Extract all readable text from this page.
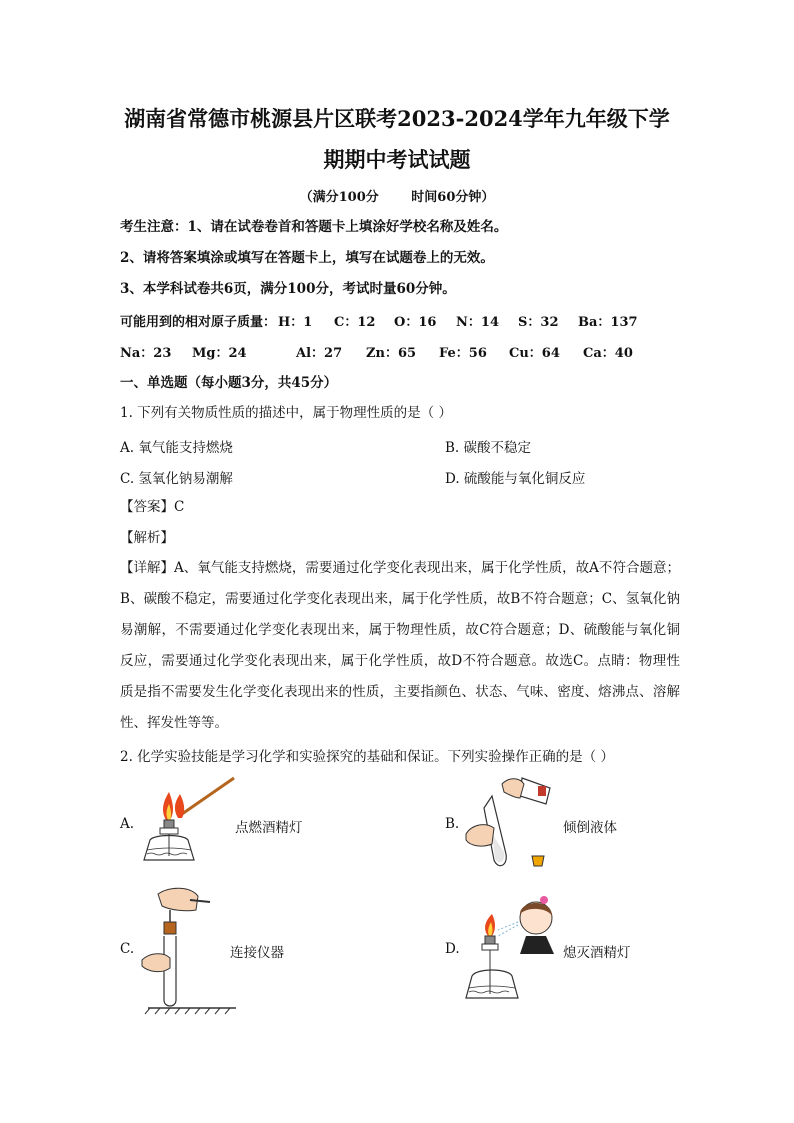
湖南省常德市桃源县片区联考2023-2024学年九年级下学
期期中考试试题
（满分100分	时间60分钟）
考生注意：1、请在试卷卷首和答题卡上填涂好学校名称及姓名。
2、请将答案填涂或填写在答题卡上，填写在试题卷上的无效。
3、本学科试卷共6页，满分100分，考试时量60分钟。
可能用到的相对原子质量： H：1	C：12	O：16	N：14	S：32	Ba：137
Na：23	Mg：24	Al：27	Zn：65	Fe：56	Cu：64	Ca：40
一、单选题（每小题3分，共45分）
1. 下列有关物质性质的描述中，属于物理性质的是（ ）
A. 氧气能支持燃烧	B. 碳酸不稳定
C. 氢氧化钠易潮解	D. 硫酸能与氧化铜反应
【答案】C
【解析】
【详解】A、氧气能支持燃烧，需要通过化学变化表现出来，属于化学性质，故A不符合题意；B、碳酸不稳定，需要通过化学变化表现出来，属于化学性质，故B不符合题意；C、氢氧化钠易潮解，不需要通过化学变化表现出来，属于物理性质，故C符合题意；D、硫酸能与氧化铜反应，需要通过化学变化表现出来，属于化学性质，故D不符合题意。故选C。点睛：物理性质是指不需要发生化学变化表现出来的性质，主要指颜色、状态、气味、密度、熔沸点、溶解性、挥发性等等。
2. 化学实验技能是学习化学和实验探究的基础和保证。下列实验操作正确的是（ ）
A.	点燃酒精灯	B.	倾倒液体
C.	连接仪器	D.	熄灭酒精灯
